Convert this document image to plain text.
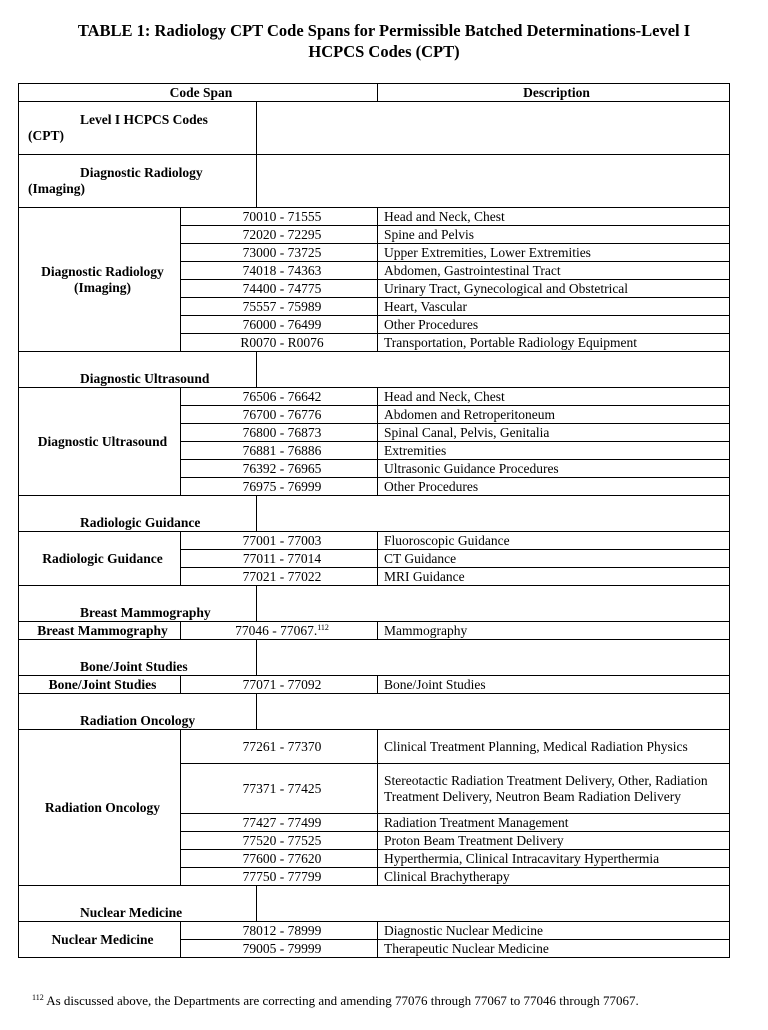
TABLE 1: Radiology CPT Code Spans for Permissible Batched Determinations-Level I
HCPCS Codes (CPT)
Code Span			Description

Level I HCPCS Codes
(CPT)			

Diagnostic Radiology
(Imaging)			

Diagnostic Radiology (Imaging)	70010 - 71555		Head and Neck, Chest
	72020 - 72295		Spine and Pelvis
	73000 - 73725		Upper Extremities, Lower Extremities
	74018 - 74363		Abdomen, Gastrointestinal Tract
	74400 - 74775		Urinary Tract, Gynecological and Obstetrical
	75557 - 75989		Heart, Vascular
	76000 - 76499		Other Procedures
	R0070 - R0076		Transportation, Portable Radiology Equipment

Diagnostic Ultrasound			

Diagnostic Ultrasound	76506 - 76642		Head and Neck, Chest
	76700 - 76776		Abdomen and Retroperitoneum
	76800 - 76873		Spinal Canal, Pelvis, Genitalia
	76881 - 76886		Extremities
	76392 - 76965		Ultrasonic Guidance Procedures
	76975 - 76999		Other Procedures

Radiologic Guidance			

Radiologic Guidance	77001 - 77003		Fluoroscopic Guidance
	77011 - 77014		CT Guidance
	77021 - 77022		MRI Guidance

Breast Mammography			

Breast Mammography	77046 - 77067.$^{112}$		Mammography

Bone/Joint Studies			

Bone/Joint Studies	77071 - 77092		Bone/Joint Studies

Radiation Oncology			

Radiation Oncology	77261 - 77370		Clinical Treatment Planning, Medical Radiation Physics
	77371 - 77425		Stereotactic Radiation Treatment Delivery, Other, Radiation Treatment Delivery, Neutron Beam Radiation Delivery
	77427 - 77499		Radiation Treatment Management
	77520 - 77525		Proton Beam Treatment Delivery
	77600 - 77620		Hyperthermia, Clinical Intracavitary Hyperthermia
	77750 - 77799		Clinical Brachytherapy

Nuclear Medicine			

Nuclear Medicine	78012 - 78999		Diagnostic Nuclear Medicine
	79005 - 79999		Therapeutic Nuclear Medicine
$^{112}$ As discussed above, the Departments are correcting and amending 77076 through 77067 to 77046 through 77067.
